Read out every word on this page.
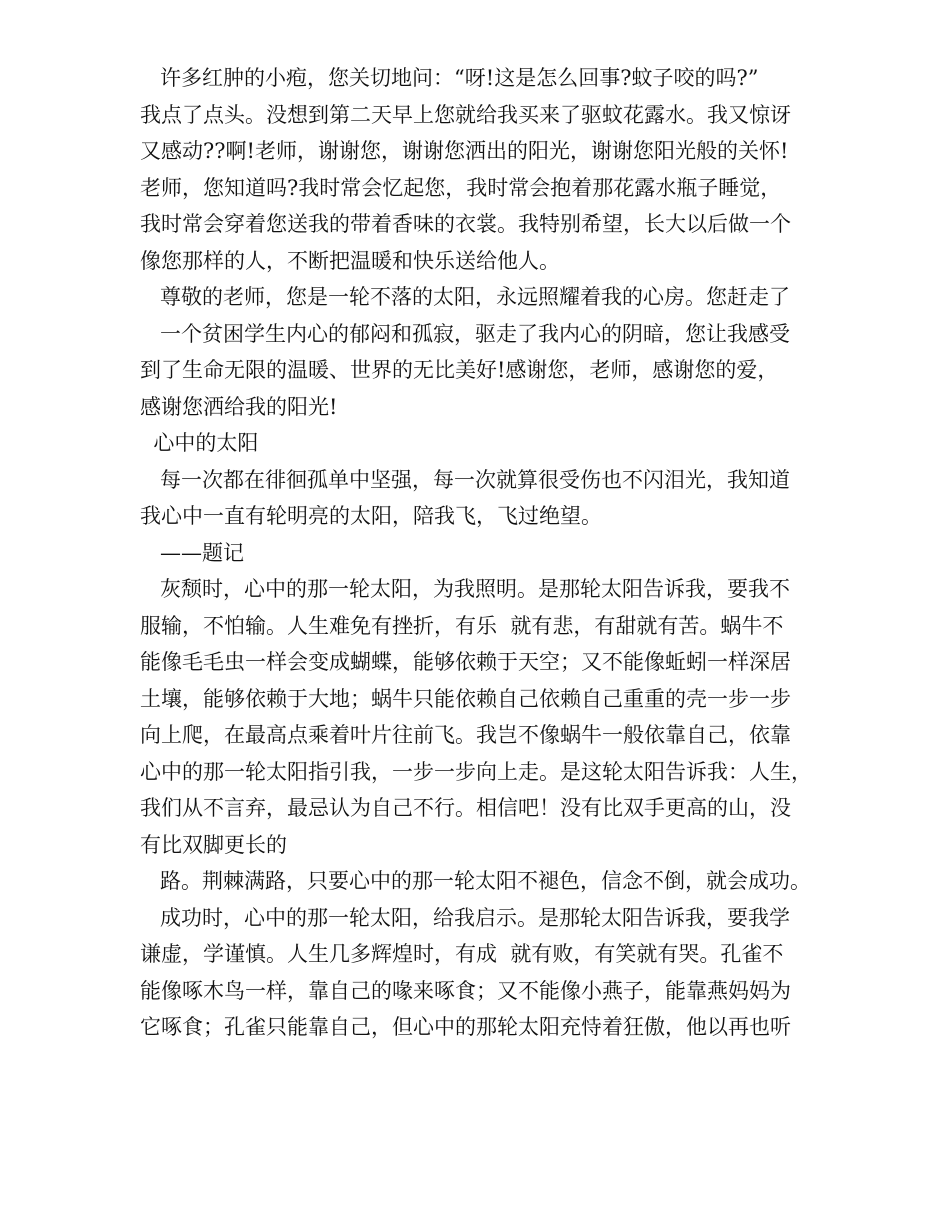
许多红肿的小疱，您关切地问：“呀!这是怎么回事?蚊子咬的吗?”
我点了点头。没想到第二天早上您就给我买来了驱蚊花露水。我又惊讶
又感动??啊!老师，谢谢您，谢谢您洒出的阳光，谢谢您阳光般的关怀!
老师，您知道吗?我时常会忆起您，我时常会抱着那花露水瓶子睡觉，
我时常会穿着您送我的带着香味的衣裳。我特别希望，长大以后做一个
像您那样的人，不断把温暖和快乐送给他人。
尊敬的老师，您是一轮不落的太阳，永远照耀着我的心房。您赶走了
一个贫困学生内心的郁闷和孤寂，驱走了我内心的阴暗，您让我感受
到了生命无限的温暖、世界的无比美好!感谢您，老师，感谢您的爱，
感谢您洒给我的阳光!
心中的太阳
每一次都在徘徊孤单中坚强，每一次就算很受伤也不闪泪光，我知道
我心中一直有轮明亮的太阳，陪我飞，飞过绝望。
——题记
灰颓时，心中的那一轮太阳，为我照明。是那轮太阳告诉我，要我不
服输，不怕输。人生难免有挫折，有乐  就有悲，有甜就有苦。蜗牛不
能像毛毛虫一样会变成蝴蝶，能够依赖于天空；又不能像蚯蚓一样深居
土壤，能够依赖于大地；蜗牛只能依赖自己依赖自己重重的壳一步一步
向上爬，在最高点乘着叶片往前飞。我岂不像蜗牛一般依靠自己，依靠
心中的那一轮太阳指引我，一步一步向上走。是这轮太阳告诉我：人生，
我们从不言弃，最忌认为自己不行。相信吧！没有比双手更高的山，没
有比双脚更长的
路。荆棘满路，只要心中的那一轮太阳不褪色，信念不倒，就会成功。
成功时，心中的那一轮太阳，给我启示。是那轮太阳告诉我，要我学
谦虚，学谨慎。人生几多辉煌时，有成  就有败，有笑就有哭。孔雀不
能像啄木鸟一样，靠自己的喙来啄食；又不能像小燕子，能靠燕妈妈为
它啄食；孔雀只能靠自己，但心中的那轮太阳充恃着狂傲，他以再也听
